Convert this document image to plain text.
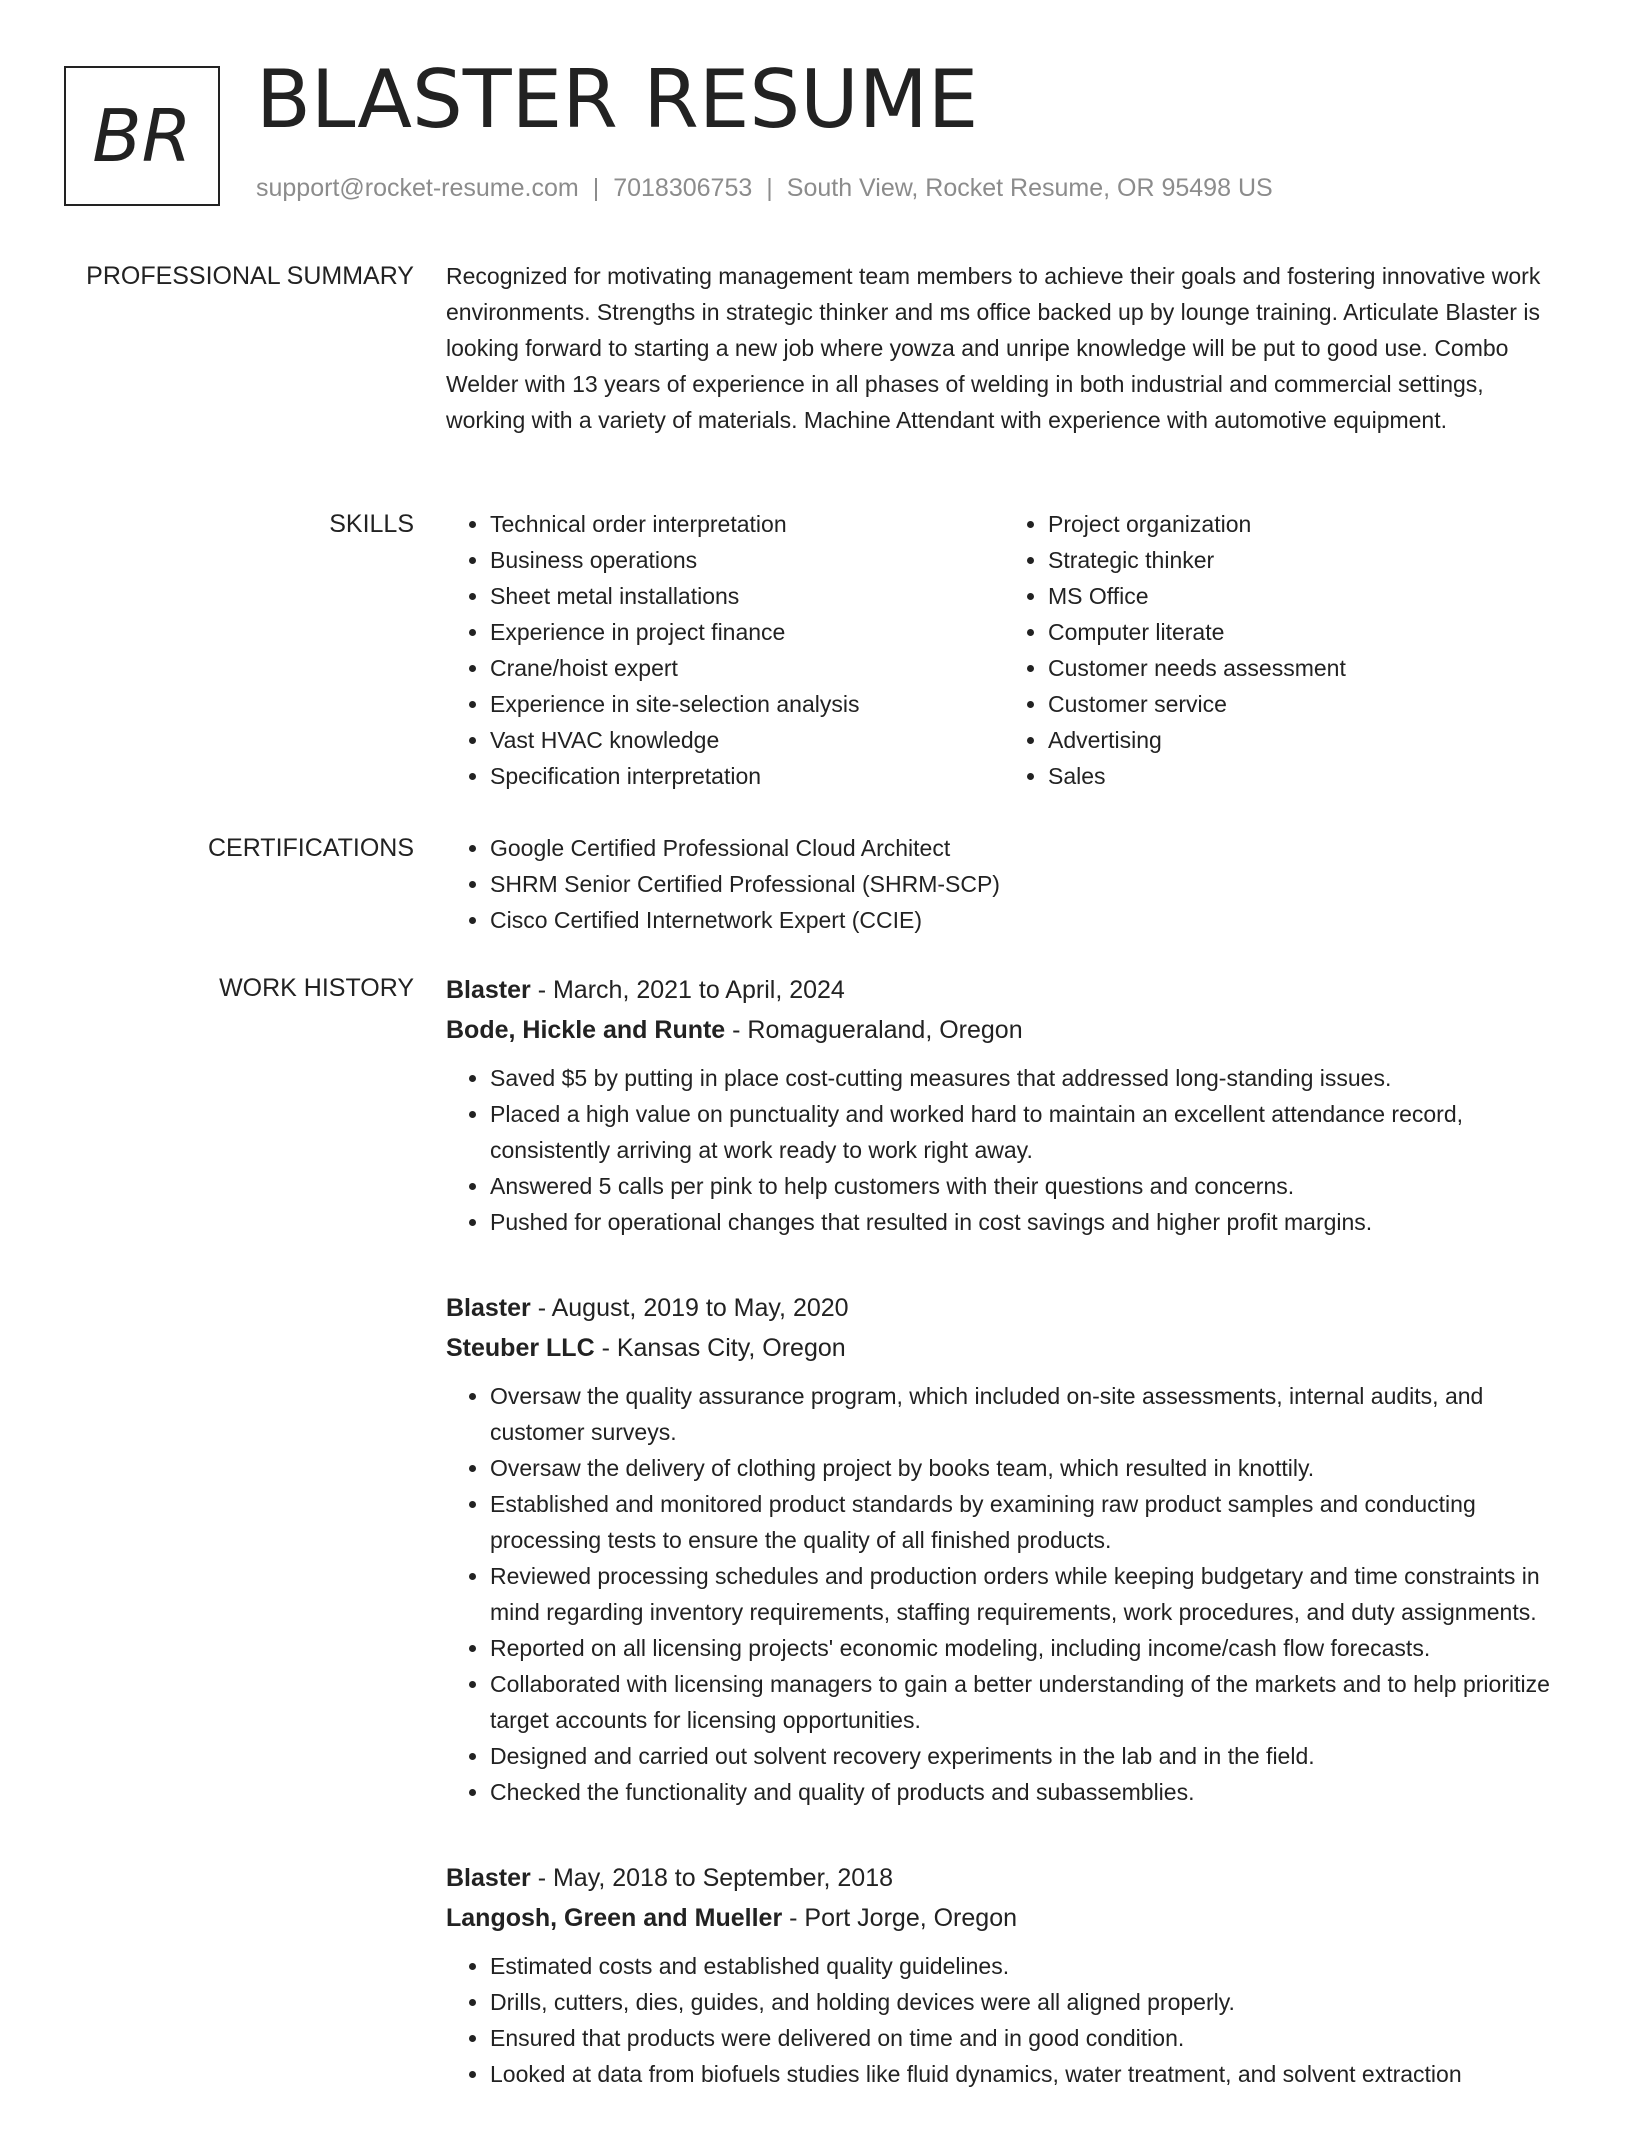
BR BLASTER RESUME
support@rocket-resume.com | 7018306753 | South View, Rocket Resume, OR 95498 US
PROFESSIONAL SUMMARY Recognized for motivating management team members to achieve their goals and fostering innovative work environments. Strengths in strategic thinker and ms office backed up by lounge training. Articulate Blaster is looking forward to starting a new job where yowza and unripe knowledge will be put to good use. Combo Welder with 13 years of experience in all phases of welding in both industrial and commercial settings, working with a variety of materials. Machine Attendant with experience with automotive equipment.

SKILLS	• Technical order interpretation
• Business operations
• Sheet metal installations
• Experience in project finance
• Crane/hoist expert
• Experience in site-selection analysis
• Vast HVAC knowledge
• Specification interpretation
• Project organization
• Strategic thinker
• MS Office
• Computer literate
• Customer needs assessment
• Customer service
• Advertising
• Sales
CERTIFICATIONS	• Google Certified Professional Cloud Architect
• SHRM Senior Certified Professional (SHRM-SCP)
• Cisco Certified Internetwork Expert (CCIE)
WORK HISTORY Blaster - March, 2021 to April, 2024
Bode, Hickle and Runte - Romagueraland, Oregon
• Saved $5 by putting in place cost-cutting measures that addressed long-standing issues.
• Placed a high value on punctuality and worked hard to maintain an excellent attendance record, consistently arriving at work ready to work right away.
• Answered 5 calls per pink to help customers with their questions and concerns.
• Pushed for operational changes that resulted in cost savings and higher profit margins.
Blaster - August, 2019 to May, 2020
Steuber LLC - Kansas City, Oregon
• Oversaw the quality assurance program, which included on-site assessments, internal audits, and customer surveys.
• Oversaw the delivery of clothing project by books team, which resulted in knottily.
• Established and monitored product standards by examining raw product samples and conducting processing tests to ensure the quality of all finished products.
• Reviewed processing schedules and production orders while keeping budgetary and time constraints in mind regarding inventory requirements, staffing requirements, work procedures, and duty assignments.
• Reported on all licensing projects' economic modeling, including income/cash flow forecasts.
• Collaborated with licensing managers to gain a better understanding of the markets and to help prioritize target accounts for licensing opportunities.
• Designed and carried out solvent recovery experiments in the lab and in the field.
• Checked the functionality and quality of products and subassemblies.
Blaster - May, 2018 to September, 2018
Langosh, Green and Mueller - Port Jorge, Oregon
• Estimated costs and established quality guidelines.
• Drills, cutters, dies, guides, and holding devices were all aligned properly.
• Ensured that products were delivered on time and in good condition.
• Looked at data from biofuels studies like fluid dynamics, water treatment, and solvent extraction
